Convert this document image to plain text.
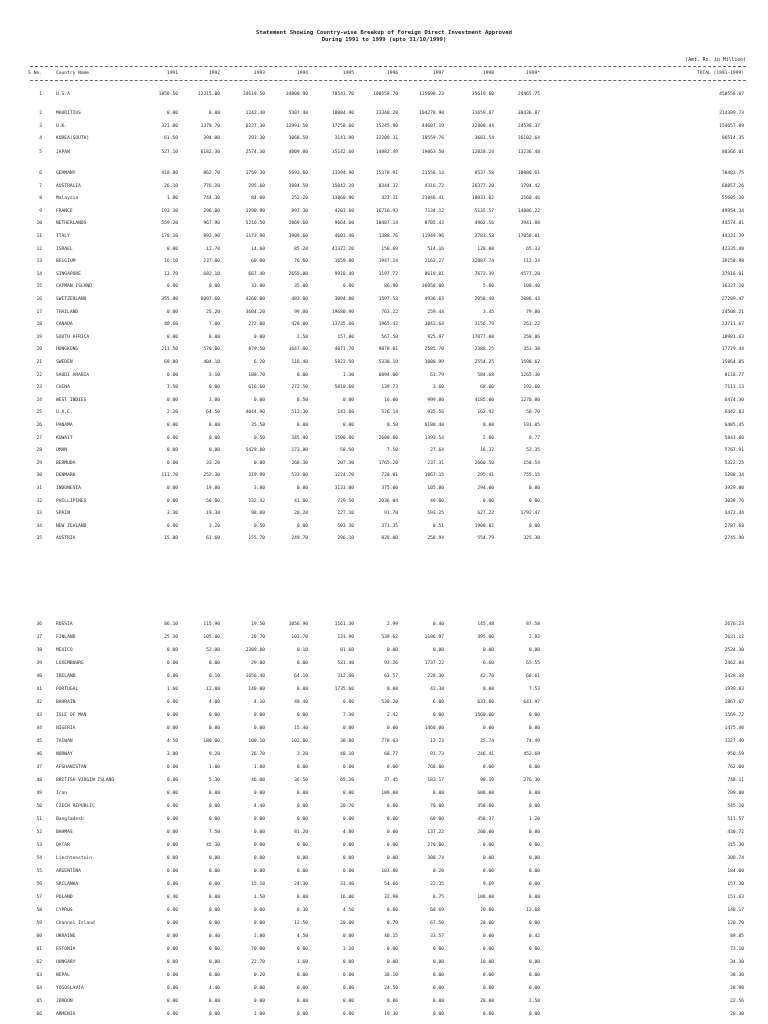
Statement Showing Country-wise Breakup of Foreign Direct Investment Approved
During 1991 to 1999 (upto 31/10/1999)
(Amt. Rs. in Million)
S No.	Country Name	1991	1992	1993	1994	1995	1996	1997	1998	1999*	TOTAL (1991-1999)
1	U.S.A	1858.50	12315.00	34618.50	34800.90	70543.70	100558.70	135698.23	35619.60	24465.75	450558.07
2	MAURITIUS	0.00	0.00	1242.40	5307.40	18084.90	23340.20	104278.90	31659.87	30436.87	214389.73
3	U.K.	321.00	1378.70	6227.30	12991.50	17258.60	15245.90	44607.19	32808.44	24538.37	154657.09
4	KOREA(SOUTH)	61.50	394.00	293.30	1068.50	3141.90	32209.31	10559.76	3683.54	36102.64	96514.35
5	JAPAN	527.10	6182.30	2574.30	4009.00	15142.60	14882.49	19063.50	12828.24	13236.48	88366.01
6	GERMANY	418.00	862.70	1759.30	5693.60	13394.90	15378.91	21558.14	8537.58	10880.61	78483.75
7	AUSTRALIA	26.10	776.20	295.60	3884.50	15042.20	8344.32	4316.72	26377.20	1794.42	60857.26
8	Malaysia	1.80	744.30	84.00	252.20	13860.90	423.31	21846.41	18031.02	1560.46	55605.20
9	FRANCE	193.30	296.00	1290.90	897.30	4203.60	16716.93	7134.12	5135.57	14086.22	49954.34
10	NETHERLANDS	559.20	967.90	5216.50	2869.60	9664.60	10487.14	8705.43	4962.56	3941.88	44574.81
11	ITALY	178.10	893.90	1173.90	3909.60	4603.40	1388.76	11949.96	2783.53	17050.01	44331.39
12	ISRAEL	0.00	12.70	14.60	85.20	41372.20	150.69	514.16	120.00	65.33	42335.48
13	BELGIUM	16.10	237.00	60.00	76.60	1659.00	1947.14	2163.27	32887.74	112.34	39158.98
14	SINGAPORE	13.70	682.10	667.40	2655.00	9910.40	3197.72	8619.01	7673.39	4577.20	37916.01
15	CAYMAN ISLAND	0.00	0.00	33.00	35.00	0.00	86.90	36050.00	5.00	108.40	36327.10
16	SWITZERLAND	355.00	6097.60	4260.00	483.00	3094.80	1597.53	4936.63	2050.48	2086.43	27289.47
17	THAILAND	0.00	25.20	3604.20	99.00	19680.90	763.22	259.44	3.45	79.80	24508.21
18	CANADA	48.60	7.00	272.00	420.00	13735.60	1965.42	3842.64	3156.79	261.22	23711.67
19	SOUTH AFRICA	0.00	0.00	0.00	2.50	157.80	567.50	925.97	17077.00	250.86	18981.63
20	HONGKONG	211.50	570.00	879.50	1647.00	4071.70	9878.81	2585.70	2380.25	353.38	17779.44
21	SWEDEN	69.80	404.10	6.20	116.40	5822.50	5330.19	1080.99	2554.25	1598.62	15864.05
22	SAUDI ARABIA	0.00	3.10	188.70	0.00	1.30	6094.00	61.79	584.68	1265.30	8118.77
23	CHINA	7.50	0.00	616.60	272.50	5810.60	139.73	3.60	68.00	192.60	7111.13
24	WEST INDIES	0.00	3.00	0.00	0.50	0.00	16.00	999.80	4185.00	1270.00	6474.30
25	U.A.E.	2.20	64.50	4044.90	512.30	143.60	526.14	935.56	162.92	50.70	6442.83
26	PANAMA	0.00	0.00	25.50	0.00	0.00	0.50	6188.40	0.00	191.05	6405.45
27	KUWAIT	0.00	0.00	0.50	345.90	1500.00	2600.00	1393.54	2.00	0.77	5843.60
28	OMAN	0.00	0.00	5429.80	173.80	58.50	7.50	27.64	18.32	52.35	5767.91
29	BERMUDA	0.00	33.20	0.00	268.30	207.30	1765.20	237.31	2660.50	158.54	5322.25
30	DENMARK	111.70	252.30	319.90	533.00	1224.70	720.01	1067.15	295.41	755.15	5288.34
31	INDONESIA	0.00	19.00	3.80	0.00	3133.00	375.00	105.00	294.00	0.00	3929.80
32	PHILLIPINES	0.00	50.00	132.42	41.00	729.50	2036.04	49.00	0.00	0.00	3038.76
33	SPAIN	3.30	19.30	98.00	20.20	227.10	91.70	593.25	627.22	1792.47	3472.44
34	NEW ZEALAND	0.00	3.20	0.50	0.00	503.30	371.35	0.51	1908.82	0.00	2787.68
35	AUSTRIA	15.00	61.60	155.70	249.70	296.10	828.00	258.94	554.79	325.30	2745.90
36	RUSSIA	86.10	115.90	19.50	1056.90	1161.30	2.99	0.40	145.48	87.58	2676.23
37	FINLAND	25.30	105.00	20.70	103.70	131.90	539.62	1186.97	495.00	2.93	2631.12
38	MEXICO	0.00	52.00	2389.80	0.10	81.60	0.00	0.00	0.00	0.00	2524.30
39	LUXEMBOURG	0.00	0.00	29.00	0.00	531.40	93.26	1737.22	6.60	65.55	2462.84
40	IRELAND	0.00	0.10	1656.40	64.10	312.60	63.57	228.30	42.70	60.61	2428.38
41	PORTUGAL	1.60	12.00	140.00	0.00	1735.60	0.00	42.30	0.00	7.53	1939.03
42	BAHRAIN	0.00	4.00	4.10	48.40	0.00	530.20	6.00	633.00	641.97	1867.67
43	ISLE OF MAN	0.00	0.00	0.00	0.00	7.30	2.42	0.00	1560.00	0.00	1569.72
44	NIGERIA	0.00	0.00	0.00	15.40	0.00	0.00	1460.00	0.00	0.00	1475.40
45	TAIWAN	4.50	180.00	100.10	102.00	38.80	778.63	13.23	35.74	74.49	1327.49
46	NORWAY	3.80	9.20	26.70	3.20	48.10	68.77	91.73	246.41	452.68	950.59
47	AFGHANISTAN	0.00	1.00	1.00	0.00	0.00	0.00	760.00	0.00	0.00	762.00
48	BRITISH VIRGIN ISLAND	0.00	5.30	46.00	36.50	65.20	37.45	183.17	98.19	276.30	748.11
49	Iran	0.00	0.00	0.00	0.00	0.00	109.00	0.00	600.00	0.00	709.00
50	CZECH REPUBLIC	0.00	0.00	4.40	0.00	20.70	0.00	70.00	450.00	0.00	545.10
51	Bangladesh	0.00	0.00	0.00	0.00	0.00	0.00	60.00	450.37	1.20	511.57
52	BAHMAS	0.00	7.50	0.00	81.20	4.80	0.00	137.22	200.00	0.00	430.72
53	QATAR	0.00	45.30	0.00	0.00	0.00	0.00	270.00	0.00	0.00	315.30
54	Liechtenstein	0.00	0.00	0.00	0.00	0.00	0.00	308.74	0.00	0.00	308.74
55	ARGENTINA	0.00	0.00	0.00	0.00	0.00	183.80	0.20	0.00	0.00	184.00
56	SRILANKA	0.00	0.00	15.10	24.30	31.40	54.66	22.35	9.69	0.00	157.30
57	POLAND	0.40	0.00	1.50	0.00	16.00	32.98	0.75	100.00	0.00	151.63
58	CYPRUS	0.00	0.00	0.00	0.30	4.50	0.00	60.69	70.00	12.68	148.17
59	Channel Island	0.00	0.00	0.00	12.50	20.00	0.70	67.50	20.00	0.00	120.70
60	UKRAINE	0.00	0.40	2.80	4.50	0.00	40.15	33.57	0.00	0.42	89.85
61	ESTONIA	0.00	0.00	70.00	0.00	3.10	0.00	0.00	0.00	0.00	73.10
62	HUNGARY	0.00	0.00	22.70	1.60	0.00	0.00	0.00	10.00	0.00	34.30
63	NEPAL	0.00	0.00	0.20	0.00	0.00	30.10	0.00	0.00	0.00	30.30
64	YOGOSLAVIA	0.00	4.40	0.00	0.00	0.00	24.50	0.00	0.00	0.00	28.90
65	JORDON	0.00	0.00	0.00	0.00	0.00	0.06	0.00	20.00	2.50	22.56
66	ARMENIA	0.00	0.00	1.00	0.00	0.00	19.30	0.00	0.00	0.00	20.30
